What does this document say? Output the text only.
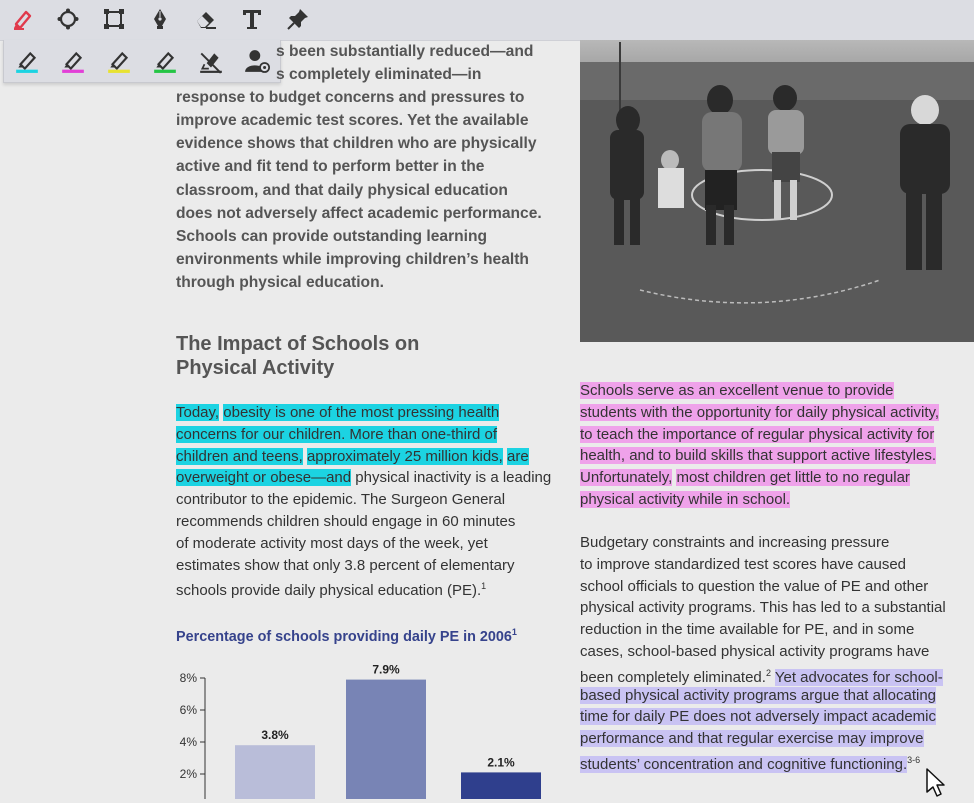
s been substantially reduced—and

s completely eliminated—in

response to budget concerns and pressures to

improve academic test scores. Yet the available

evidence shows that children who are physically

active and fit tend to perform better in the

classroom, and that daily physical education

does not adversely affect academic performance.

Schools can provide outstanding learning

environments while improving children’s health

through physical education.

The Impact of Schools on
Physical Activity
Today, obesity is one of the most pressing health
concerns for our children. More than one-third of
children and teens, approximately 25 million kids, are
overweight or obese—and physical inactivity is a leading
contributor to the epidemic. The Surgeon General
recommends children should engage in 60 minutes
of moderate activity most days of the week, yet
estimates show that only 3.8 percent of elementary
schools provide daily physical education (PE).$^1$
Percentage of schools providing daily PE in 2006$^1$
2%
4%
6%
8%
3.8%
7.9%
2.1%
Schools serve as an excellent venue to provide
students with the opportunity for daily physical activity,
to teach the importance of regular physical activity for
health, and to build skills that support active lifestyles.
Unfortunately, most children get little to no regular
physical activity while in school.
Budgetary constraints and increasing pressure
to improve standardized test scores have caused
school officials to question the value of PE and other
physical activity programs. This has led to a substantial
reduction in the time available for PE, and in some
cases, school-based physical activity programs have
been completely eliminated.$^2$ Yet advocates for school-
based physical activity programs argue that allocating
time for daily PE does not adversely impact academic
performance and that regular exercise may improve
students’ concentration and cognitive functioning.$^{3-6}$
